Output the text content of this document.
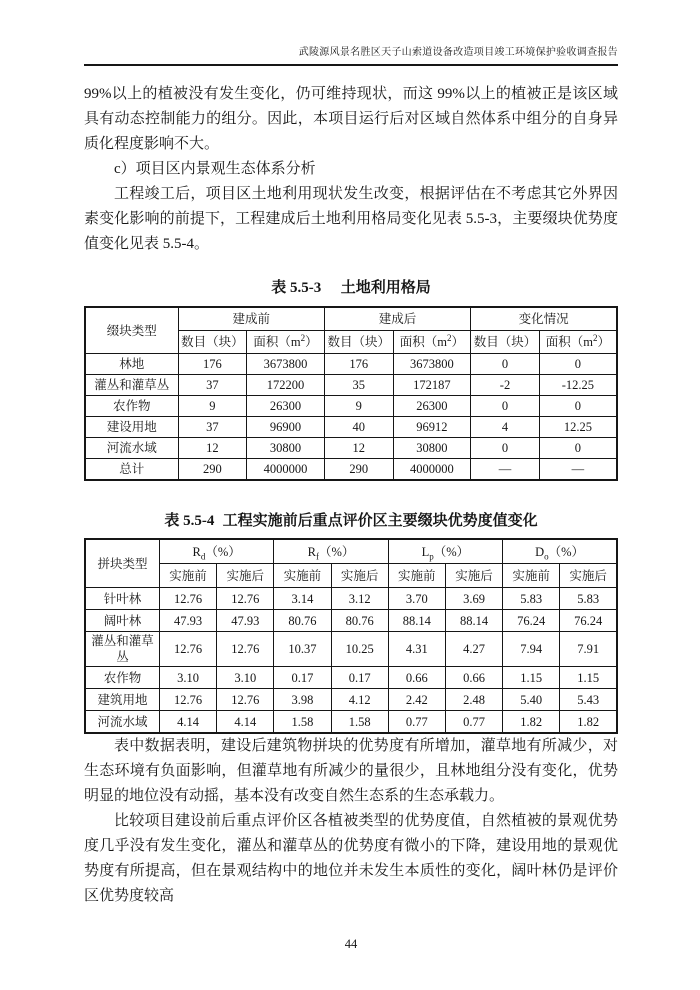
武陵源风景名胜区天子山索道设备改造项目竣工环境保护验收调查报告

99%以上的植被没有发生变化，仍可维持现状，而这 99%以上的植被正是该区域具有动态控制能力的组分。因此，本项目运行后对区域自然体系中组分的自身异质化程度影响不大。

c）项目区内景观生态体系分析

工程竣工后，项目区土地利用现状发生改变，根据评估在不考虑其它外界因素变化影响的前提下，工程建成后土地利用格局变化见表 5.5-3，主要缀块优势度值变化见表 5.5-4。

表 5.5-3 土地利用格局
缀块类型	建成前		建成后		变化情况	
	数目（块）	面积$(m^2)$	数目（块）	面积$(m^2)$	数目（块）	面积$(m^2)$
林地	176	3673800	176	3673800	0	0
灌丛和灌草丛	37	172200	35	172187	-2	-12.25
农作物	9	26300	9	26300	0	0
建设用地	37	96900	40	96912	4	12.25
河流水域	12	30800	12	30800	0	0
总计	290	4000000	290	4000000	—	—
表 5.5-4 工程实施前后重点评价区主要缀块优势度值变化
拼块类型	$R_d(\%)$		$R_f(\%)$		$L_p(\%)$		$D_o(\%)$	
	实施前	实施后	实施前	实施后	实施前	实施后	实施前	实施后
针叶林	12.76	12.76	3.14	3.12	3.70	3.69	5.83	5.83
阔叶林	47.93	47.93	80.76	80.76	88.14	88.14	76.24	76.24
灌丛和灌草丛	12.76	12.76	10.37	10.25	4.31	4.27	7.94	7.91
农作物	3.10	3.10	0.17	0.17	0.66	0.66	1.15	1.15
建筑用地	12.76	12.76	3.98	4.12	2.42	2.48	5.40	5.43
河流水域	4.14	4.14	1.58	1.58	0.77	0.77	1.82	1.82

表中数据表明，建设后建筑物拼块的优势度有所增加，灌草地有所减少，对生态环境有负面影响，但灌草地有所减少的量很少，且林地组分没有变化，优势明显的地位没有动摇，基本没有改变自然生态系的生态承载力。

比较项目建设前后重点评价区各植被类型的优势度值，自然植被的景观优势度几乎没有发生变化，灌丛和灌草丛的优势度有微小的下降，建设用地的景观优势度有所提高，但在景观结构中的地位并未发生本质性的变化，阔叶林仍是评价区优势度较高

44
